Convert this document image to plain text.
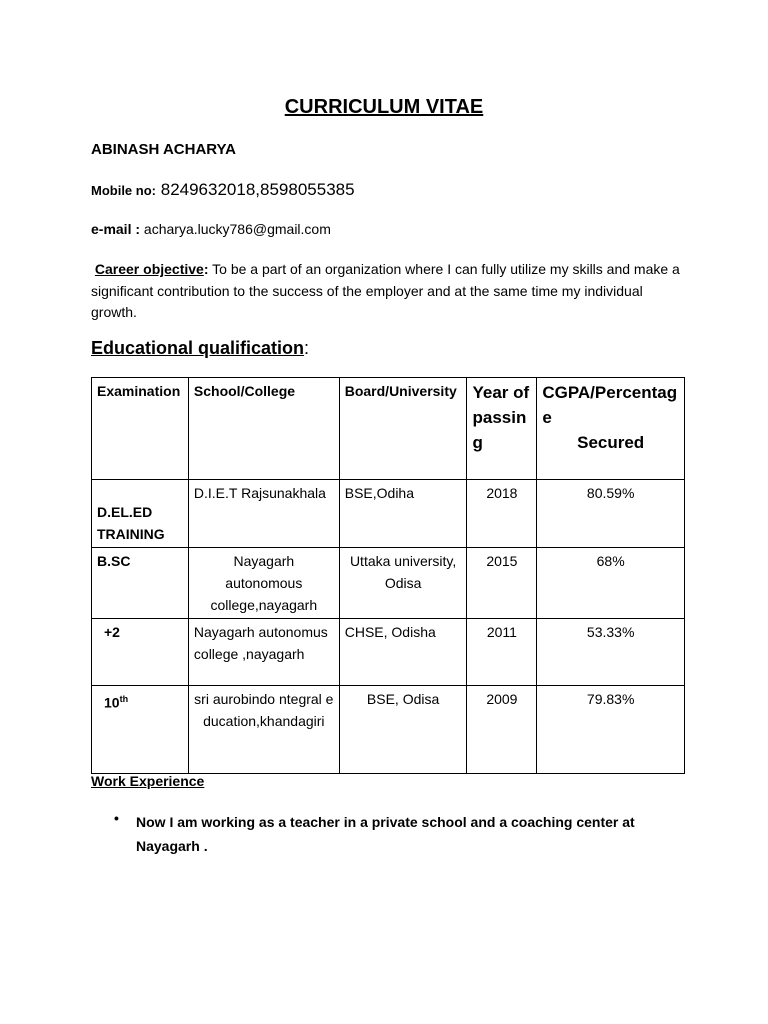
CURRICULUM VITAE
ABINASH ACHARYA
Mobile no: 8249632018,8598055385
e-mail : acharya.lucky786@gmail.com
Career objective: To be a part of an organization where I can fully utilize my skills and make a significant contribution to the success of the employer and at the same time my individual growth.
Educational qualification:
Examination	School/College	Board/University	Year of passing	CGPA/Percentage
Secured

D.EL.ED TRAINING	D.I.E.T Rajsunakhala	BSE,Odiha	2018	80.59%
B.SC	Nayagarh autonomous college,nayagarh	Uttaka university, Odisa	2015	68%
+2	Nayagarh autonomus college ,nayagarh	CHSE, Odisha	2011	53.33%
10th	sri aurobindo ntegral education,khandagiri	BSE, Odisa	2009	79.83%
Work Experience
• Now I am working as a teacher in a private school and a coaching center at Nayagarh .
